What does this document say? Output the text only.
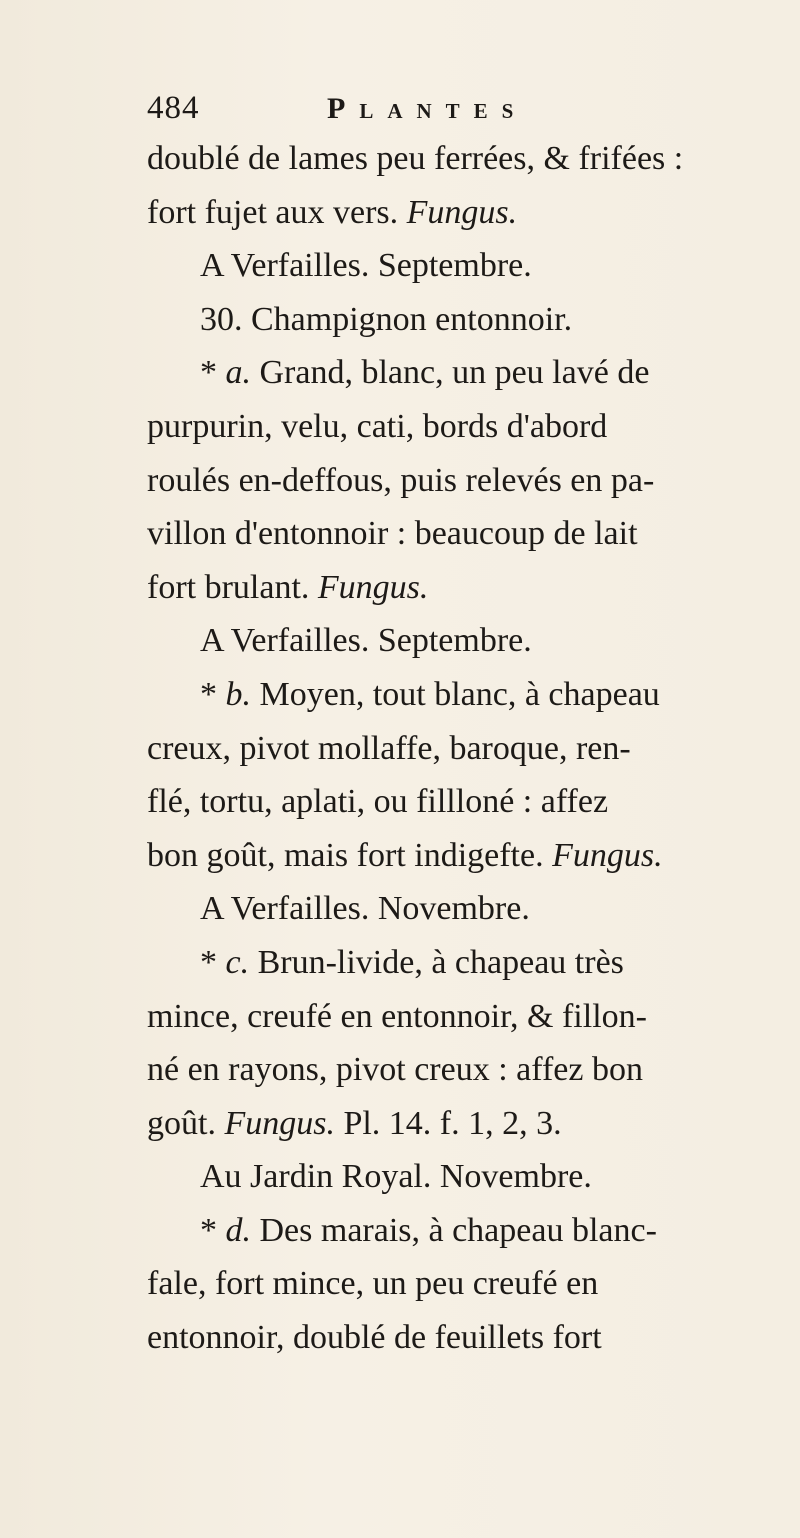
484	Plantes
doublé de lames peu ferrées, & frifées :
fort fujet aux vers. Fungus.
A Verfailles. Septembre.
30. Champignon entonnoir.
* a. Grand, blanc, un peu lavé de
purpurin, velu, cati, bords d'abord
roulés en-deffous, puis relevés en pa-
villon d'entonnoir : beaucoup de lait
fort brulant. Fungus.
A Verfailles. Septembre.
* b. Moyen, tout blanc, à chapeau
creux, pivot mollaffe, baroque, ren-
flé, tortu, aplati, ou fillloné : affez
bon goût, mais fort indigefte. Fungus.
A Verfailles. Novembre.
* c. Brun-livide, à chapeau très
mince, creufé en entonnoir, & fillon-
né en rayons, pivot creux : affez bon
goût. Fungus. Pl. 14. f. 1, 2, 3.
Au Jardin Royal. Novembre.
* d. Des marais, à chapeau blanc-
fale, fort mince, un peu creufé en
entonnoir, doublé de feuillets fort
